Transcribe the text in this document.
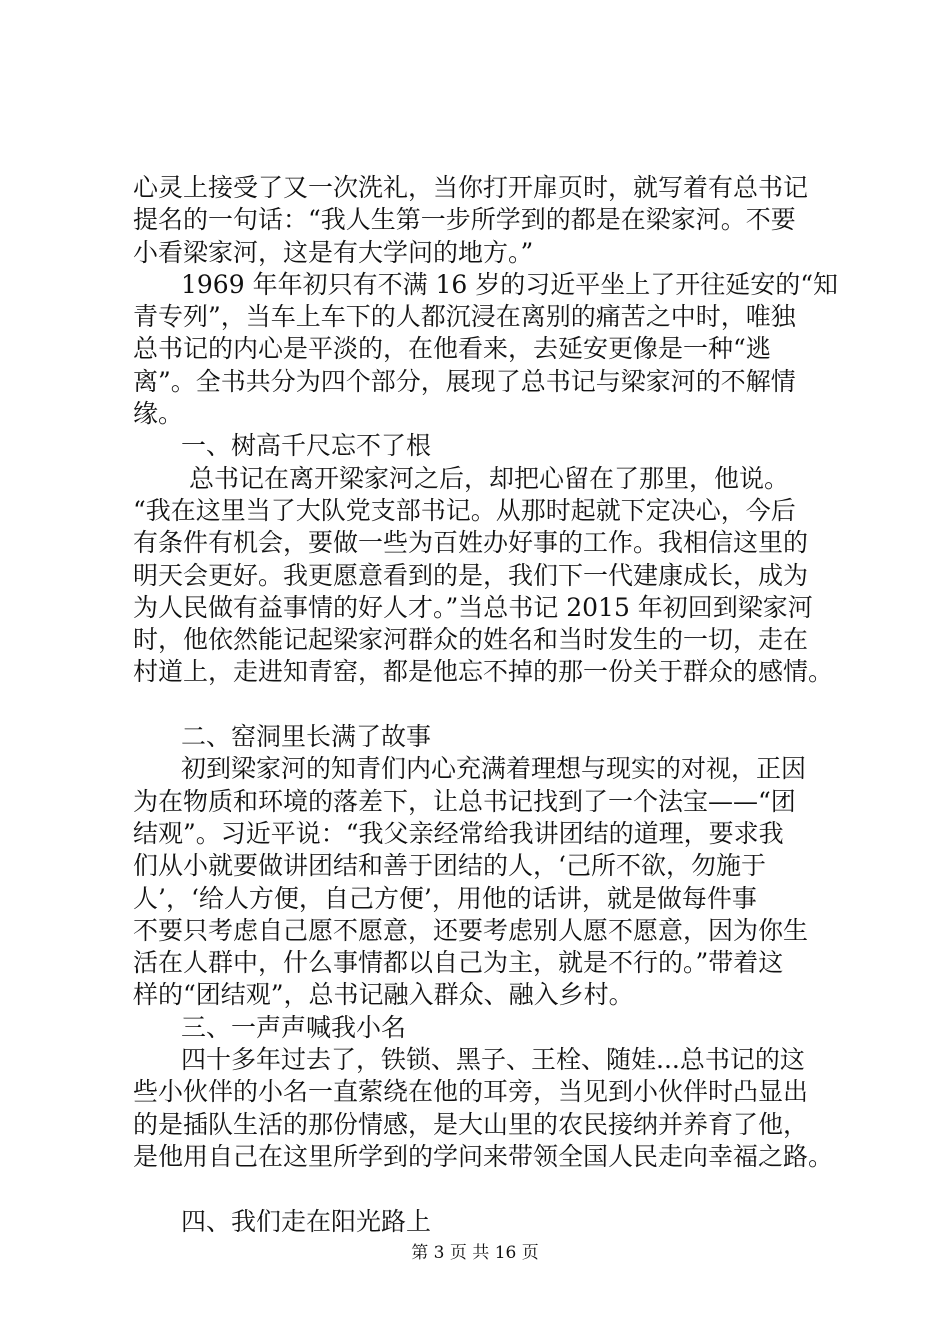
心灵上接受了又一次洗礼，当你打开扉页时，就写着有总书记
提名的一句话：“我人生第一步所学到的都是在梁家河。不要
小看梁家河，这是有大学问的地方。”
1969 年年初只有不满 16 岁的习近平坐上了开往延安的“知
青专列”，当车上车下的人都沉浸在离别的痛苦之中时，唯独
总书记的内心是平淡的，在他看来，去延安更像是一种“逃
离”。全书共分为四个部分，展现了总书记与梁家河的不解情
缘。
一、树高千尺忘不了根
总书记在离开梁家河之后，却把心留在了那里，他说。
“我在这里当了大队党支部书记。从那时起就下定决心，今后
有条件有机会，要做一些为百姓办好事的工作。我相信这里的
明天会更好。我更愿意看到的是，我们下一代建康成长，成为
为人民做有益事情的好人才。”当总书记 2015 年初回到梁家河
时，他依然能记起梁家河群众的姓名和当时发生的一切，走在
村道上，走进知青窑，都是他忘不掉的那一份关于群众的感情。
二、窑洞里长满了故事
初到梁家河的知青们内心充满着理想与现实的对视，正因
为在物质和环境的落差下，让总书记找到了一个法宝——“团
结观”。习近平说：“我父亲经常给我讲团结的道理，要求我
们从小就要做讲团结和善于团结的人，‘己所不欲，勿施于
人’，‘给人方便，自己方便’，用他的话讲，就是做每件事
不要只考虑自己愿不愿意，还要考虑别人愿不愿意，因为你生
活在人群中，什么事情都以自己为主，就是不行的。”带着这
样的“团结观”，总书记融入群众、融入乡村。
三、一声声喊我小名
四十多年过去了，铁锁、黑子、王栓、随娃...总书记的这
些小伙伴的小名一直萦绕在他的耳旁，当见到小伙伴时凸显出
的是插队生活的那份情感，是大山里的农民接纳并养育了他，
是他用自己在这里所学到的学问来带领全国人民走向幸福之路。
四、我们走在阳光路上
第 3 页 共 16 页
